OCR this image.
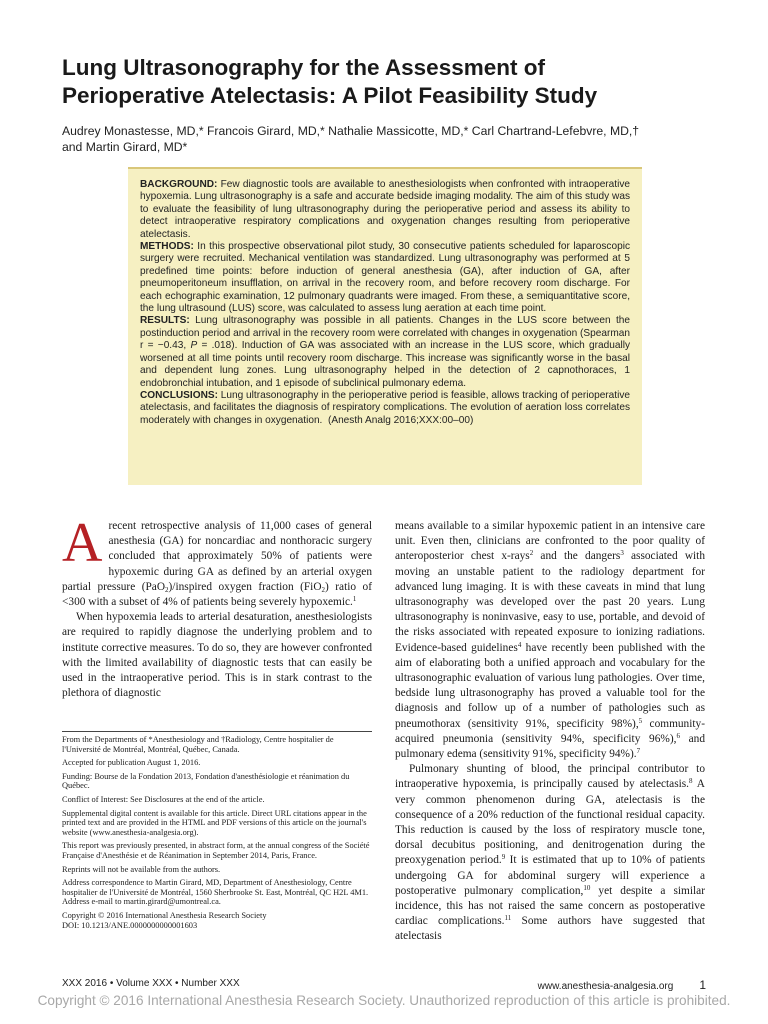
Lung Ultrasonography for the Assessment of
Perioperative Atelectasis: A Pilot Feasibility Study
Audrey Monastesse, MD,* Francois Girard, MD,* Nathalie Massicotte, MD,* Carl Chartrand-Lefebvre, MD,†
and Martin Girard, MD*

BACKGROUND: Few diagnostic tools are available to anesthesiologists when confronted with intraoperative hypoxemia. Lung ultrasonography is a safe and accurate bedside imaging modality. The aim of this study was to evaluate the feasibility of lung ultrasonography during the perioperative period and assess its ability to detect intraoperative respiratory complications and oxygenation changes resulting from perioperative atelectasis.

METHODS: In this prospective observational pilot study, 30 consecutive patients scheduled for laparoscopic surgery were recruited. Mechanical ventilation was standardized. Lung ultrasonography was performed at 5 predefined time points: before induction of general anesthesia (GA), after induction of GA, after pneumoperitoneum insufflation, on arrival in the recovery room, and before recovery room discharge. For each echographic examination, 12 pulmonary quadrants were imaged. From these, a semiquantitative score, the lung ultrasound (LUS) score, was calculated to assess lung aeration at each time point.

RESULTS: Lung ultrasonography was possible in all patients. Changes in the LUS score between the postinduction period and arrival in the recovery room were correlated with changes in oxygenation (Spearman r = −0.43, P = .018). Induction of GA was associated with an increase in the LUS score, which gradually worsened at all time points until recovery room discharge. This increase was significantly worse in the basal and dependent lung zones. Lung ultrasonography helped in the detection of 2 capnothoraces, 1 endobronchial intubation, and 1 episode of subclinical pulmonary edema.

CONCLUSIONS: Lung ultrasonography in the perioperative period is feasible, allows tracking of perioperative atelectasis, and facilitates the diagnosis of respiratory complications. The evolution of aeration loss correlates moderately with changes in oxygenation. (Anesth Analg 2016;XXX:00–00)

Arecent retrospective analysis of 11,000 cases of general anesthesia (GA) for noncardiac and nonthoracic surgery concluded that approximately 50% of patients were hypoxemic during GA as defined by an arterial oxygen partial pressure (PaO$_2$)/inspired oxygen fraction (FiO$_2$) ratio of <300 with a subset of 4% of patients being severely hypoxemic.$^1$

When hypoxemia leads to arterial desaturation, anesthesiologists are required to rapidly diagnose the underlying problem and to institute corrective measures. To do so, they are however confronted with the limited availability of diagnostic tests that can easily be used in the intraoperative period. This is in stark contrast to the plethora of diagnostic

From the Departments of *Anesthesiology and †Radiology, Centre hospitalier de l'Université de Montréal, Montréal, Québec, Canada.

Accepted for publication August 1, 2016.

Funding: Bourse de la Fondation 2013, Fondation d'anesthésiologie et réanimation du Québec.

Conflict of Interest: See Disclosures at the end of the article.

Supplemental digital content is available for this article. Direct URL citations appear in the printed text and are provided in the HTML and PDF versions of this article on the journal's website (www.anesthesia-analgesia.org).

This report was previously presented, in abstract form, at the annual congress of the Société Française d'Anesthésie et de Réanimation in September 2014, Paris, France.

Reprints will not be available from the authors.

Address correspondence to Martin Girard, MD, Department of Anesthesiology, Centre hospitalier de l'Université de Montréal, 1560 Sherbrooke St. East, Montréal, QC H2L 4M1. Address e-mail to martin.girard@umontreal.ca.

Copyright © 2016 International Anesthesia Research Society
DOI: 10.1213/ANE.0000000000001603

means available to a similar hypoxemic patient in an intensive care unit. Even then, clinicians are confronted to the poor quality of anteroposterior chest x-rays$^2$ and the dangers$^3$ associated with moving an unstable patient to the radiology department for advanced lung imaging. It is with these caveats in mind that lung ultrasonography was developed over the past 20 years. Lung ultrasonography is noninvasive, easy to use, portable, and devoid of the risks associated with repeated exposure to ionizing radiations. Evidence-based guidelines$^4$ have recently been published with the aim of elaborating both a unified approach and vocabulary for the ultrasonographic evaluation of various lung pathologies. Over time, bedside lung ultrasonography has proved a valuable tool for the diagnosis and follow up of a number of pathologies such as pneumothorax (sensitivity 91%, specificity 98%),$^5$ community-acquired pneumonia (sensitivity 94%, specificity 96%),$^6$ and pulmonary edema (sensitivity 91%, specificity 94%).$^7$

Pulmonary shunting of blood, the principal contributor to intraoperative hypoxemia, is principally caused by atelectasis.$^8$ A very common phenomenon during GA, atelectasis is the consequence of a 20% reduction of the functional residual capacity. This reduction is caused by the loss of respiratory muscle tone, dorsal decubitus positioning, and denitrogenation during the preoxygenation period.$^9$ It is estimated that up to 10% of patients undergoing GA for abdominal surgery will experience a postoperative pulmonary complication,$^{10}$ yet despite a similar incidence, this has not raised the same concern as postoperative cardiac complications.$^{11}$ Some authors have suggested that atelectasis

XXX 2016 • Volume XXX • Number XXX	www.anesthesia-analgesia.org 1
Copyright © 2016 International Anesthesia Research Society. Unauthorized reproduction of this article is prohibited.
